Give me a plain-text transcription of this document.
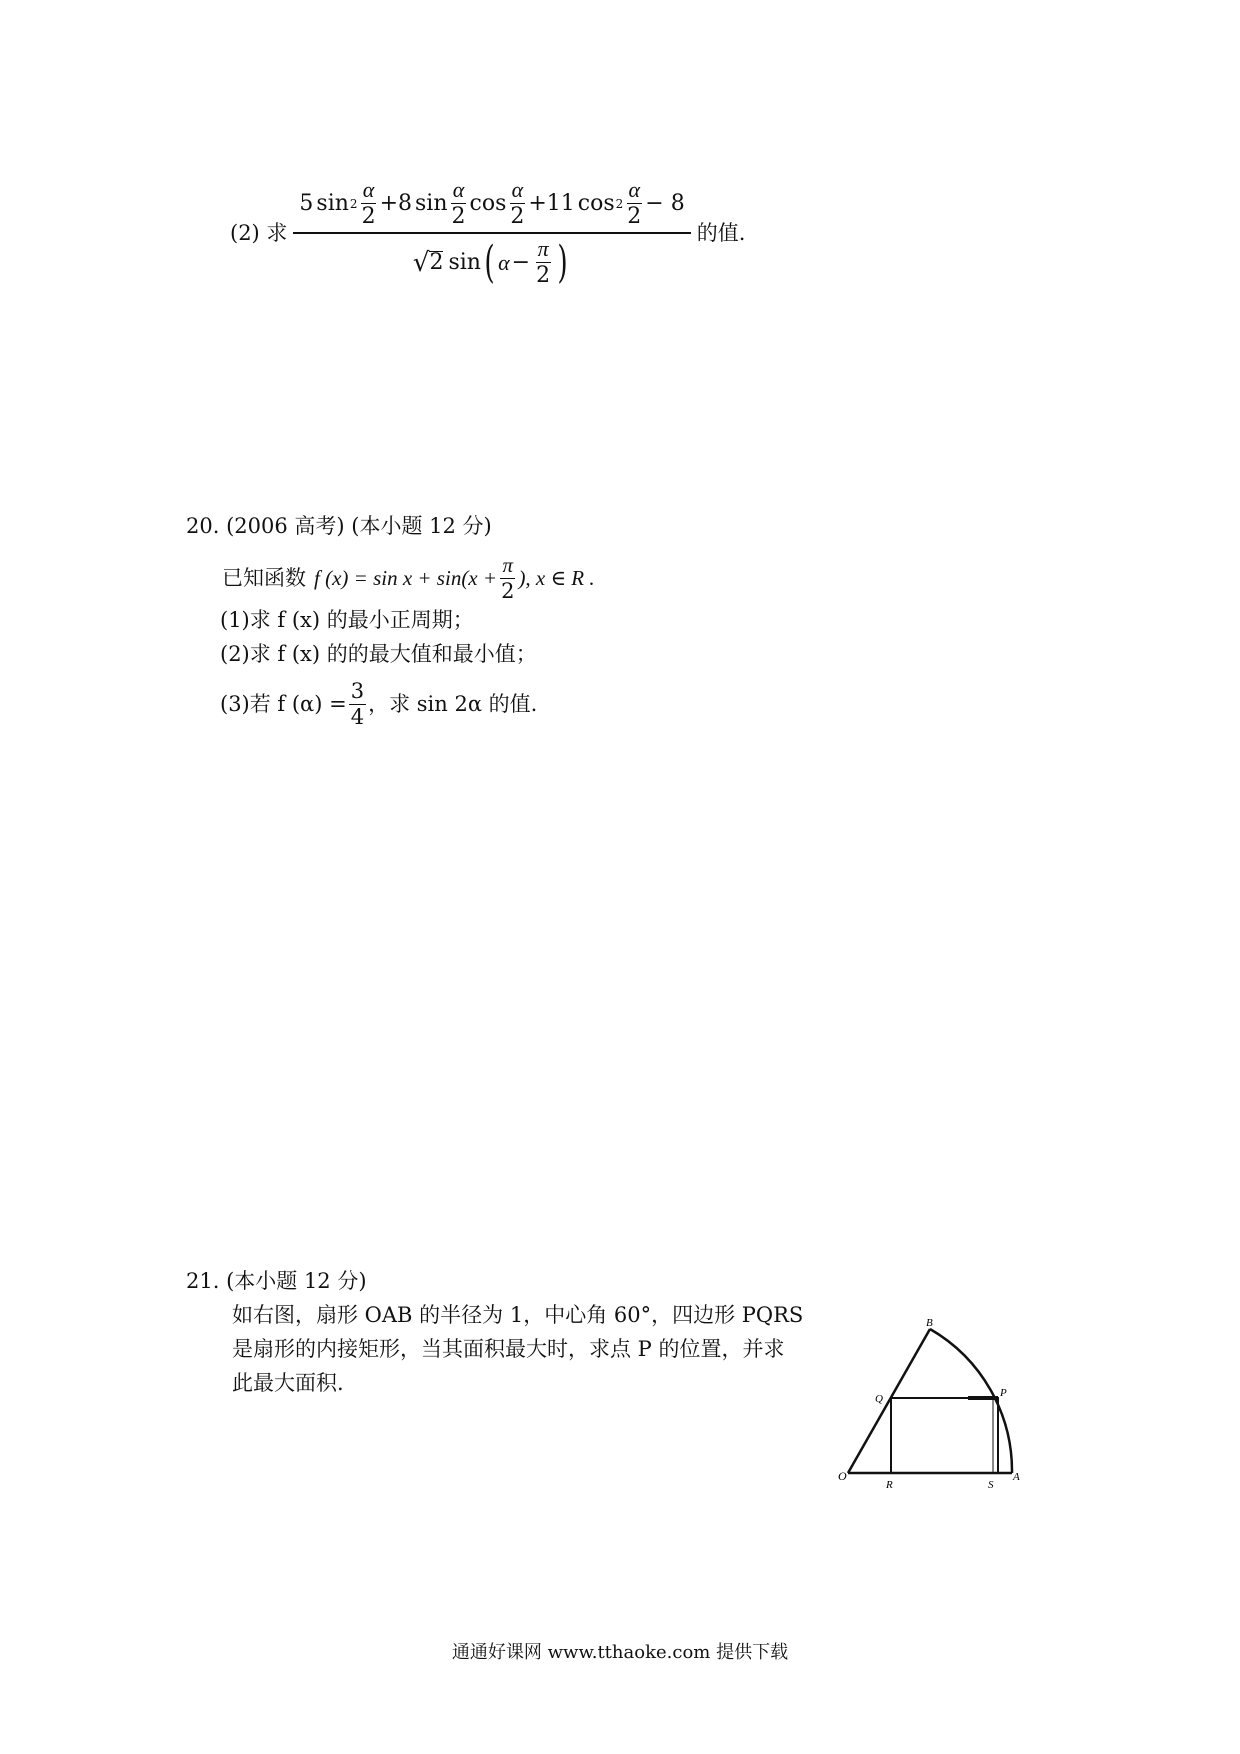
(2) 求
5 $\sin 2 \frac{\alpha}{2} + 8$ $\sin \frac{\alpha}{2}$ $\cos \frac{\alpha}{2} + 11$ $\cos 2 \frac{\alpha}{2} - 8$
√ 2 sin ( $\alpha - \frac{\pi}{2}$ )
的值.
20. (2006 高考) (本小题 12 分)
已知函数 f $(x) = \sin x + \sin(x + \frac{\pi}{2}$ ), x ∈ R .
(1)求 f (x) 的最小正周期；
(2)求 f (x) 的的最大值和最小值；
(3)若 f $(\alpha) = \frac{3}{4}$ ，求 sin 2α 的值.
21. (本小题 12 分)
如右图，扇形 OAB 的半径为 1，中心角 60°，四边形 PQRS
是扇形的内接矩形，当其面积最大时，求点 P 的位置，并求
此最大面积.
O	A
B
P
Q
R	S
通通好课网 www.tthaoke.com 提供下载
